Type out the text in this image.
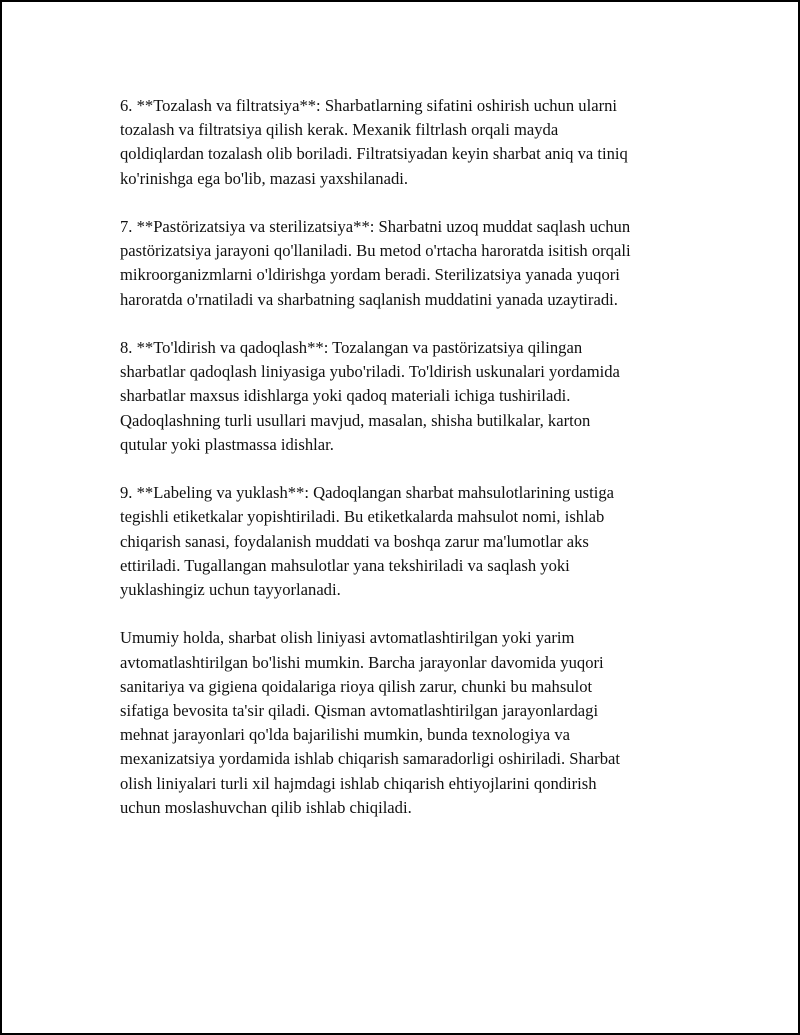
6. **Tozalash va filtratsiya**: Sharbatlarning sifatini oshirish uchun ularni
tozalash va filtratsiya qilish kerak. Mexanik filtrlash orqali mayda
qoldiqlardan tozalash olib boriladi. Filtratsiyadan keyin sharbat aniq va tiniq
ko'rinishga ega bo'lib, mazasi yaxshilanadi.

7. **Pastörizatsiya va sterilizatsiya**: Sharbatni uzoq muddat saqlash uchun
pastörizatsiya jarayoni qo'llaniladi. Bu metod o'rtacha haroratda isitish orqali
mikroorganizmlarni o'ldirishga yordam beradi. Sterilizatsiya yanada yuqori
haroratda o'rnatiladi va sharbatning saqlanish muddatini yanada uzaytiradi.

8. **To'ldirish va qadoqlash**: Tozalangan va pastörizatsiya qilingan
sharbatlar qadoqlash liniyasiga yubo'riladi. To'ldirish uskunalari yordamida
sharbatlar maxsus idishlarga yoki qadoq materiali ichiga tushiriladi.
Qadoqlashning turli usullari mavjud, masalan, shisha butilkalar, karton
qutular yoki plastmassa idishlar.

9. **Labeling va yuklash**: Qadoqlangan sharbat mahsulotlarining ustiga
tegishli etiketkalar yopishtiriladi. Bu etiketkalarda mahsulot nomi, ishlab
chiqarish sanasi, foydalanish muddati va boshqa zarur ma'lumotlar aks
ettiriladi. Tugallangan mahsulotlar yana tekshiriladi va saqlash yoki
yuklashingiz uchun tayyorlanadi.

Umumiy holda, sharbat olish liniyasi avtomatlashtirilgan yoki yarim
avtomatlashtirilgan bo'lishi mumkin. Barcha jarayonlar davomida yuqori
sanitariya va gigiena qoidalariga rioya qilish zarur, chunki bu mahsulot
sifatiga bevosita ta'sir qiladi. Qisman avtomatlashtirilgan jarayonlardagi
mehnat jarayonlari qo'lda bajarilishi mumkin, bunda texnologiya va
mexanizatsiya yordamida ishlab chiqarish samaradorligi oshiriladi. Sharbat
olish liniyalari turli xil hajmdagi ishlab chiqarish ehtiyojlarini qondirish
uchun moslashuvchan qilib ishlab chiqiladi.
